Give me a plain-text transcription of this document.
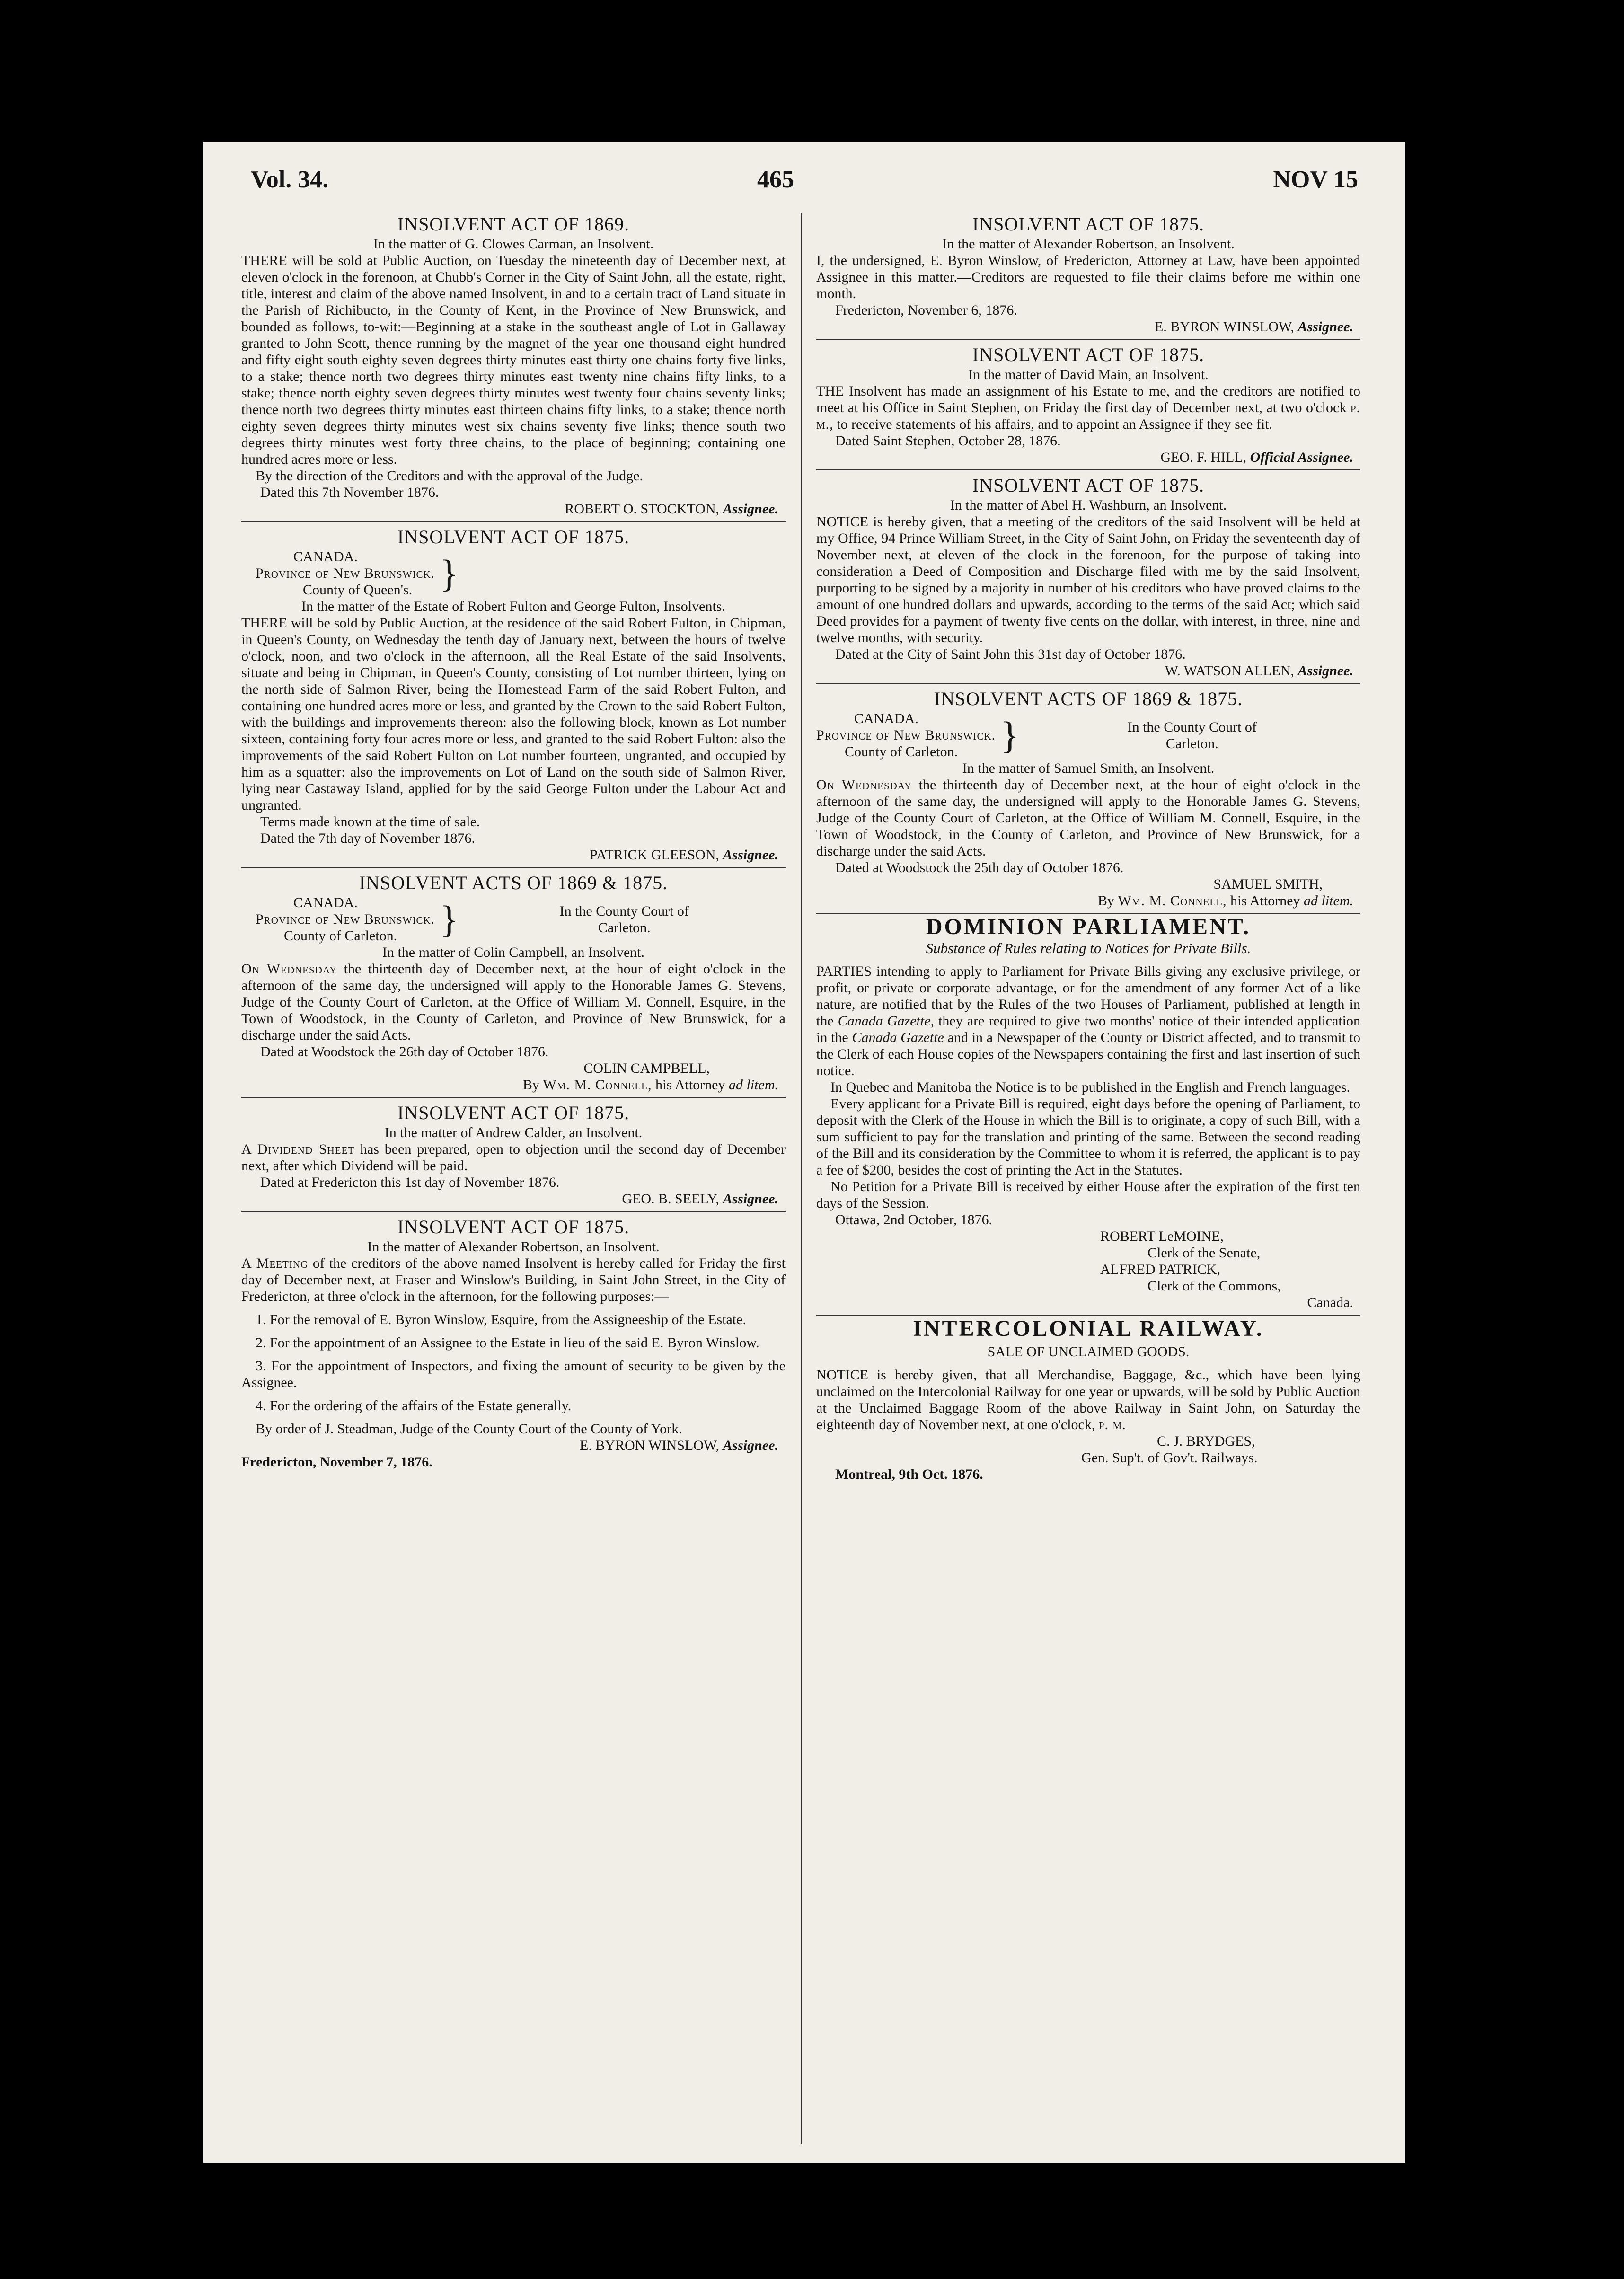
Vol. 34.	465	NOV 15
INSOLVENT ACT OF 1869.
In the matter of G. Clowes Carman, an Insolvent.
THERE will be sold at Public Auction, on Tuesday the nineteenth day of December next, at eleven o'clock in the forenoon, at Chubb's Corner in the City of Saint John, all the estate, right, title, interest and claim of the above named Insolvent, in and to a certain tract of Land situate in the Parish of Richibucto, in the County of Kent, in the Province of New Brunswick, and bounded as follows, to-wit:—Beginning at a stake in the southeast angle of Lot in Gallaway granted to John Scott, thence running by the magnet of the year one thousand eight hundred and fifty eight south eighty seven degrees thirty minutes east thirty one chains forty five links, to a stake; thence north two degrees thirty minutes east twenty nine chains fifty links, to a stake; thence north eighty seven degrees thirty minutes west twenty four chains seventy links; thence north two degrees thirty minutes east thirteen chains fifty links, to a stake; thence north eighty seven degrees thirty minutes west six chains seventy five links; thence south two degrees thirty minutes west forty three chains, to the place of beginning; containing one hundred acres more or less.
By the direction of the Creditors and with the approval of the Judge.
Dated this 7th November 1876.
ROBERT O. STOCKTON, Assignee.
INSOLVENT ACT OF 1875.
CANADA.
Province of New Brunswick.
County of Queen's. }
In the matter of the Estate of Robert Fulton and George Fulton, Insolvents.
THERE will be sold by Public Auction, at the residence of the said Robert Fulton, in Chipman, in Queen's County, on Wednesday the tenth day of January next, between the hours of twelve o'clock, noon, and two o'clock in the afternoon, all the Real Estate of the said Insolvents, situate and being in Chipman, in Queen's County, consisting of Lot number thirteen, lying on the north side of Salmon River, being the Homestead Farm of the said Robert Fulton, and containing one hundred acres more or less, and granted by the Crown to the said Robert Fulton, with the buildings and improvements thereon: also the following block, known as Lot number sixteen, containing forty four acres more or less, and granted to the said Robert Fulton: also the improvements of the said Robert Fulton on Lot number fourteen, ungranted, and occupied by him as a squatter: also the improvements on Lot of Land on the south side of Salmon River, lying near Castaway Island, applied for by the said George Fulton under the Labour Act and ungranted.
Terms made known at the time of sale.
Dated the 7th day of November 1876.
PATRICK GLEESON, Assignee.
INSOLVENT ACTS OF 1869 & 1875.
CANADA.
Province of New Brunswick.
County of Carleton.	}	In the County Court of
Carleton.
In the matter of Colin Campbell, an Insolvent.
On Wednesday the thirteenth day of December next, at the hour of eight o'clock in the afternoon of the same day, the undersigned will apply to the Honorable James G. Stevens, Judge of the County Court of Carleton, at the Office of William M. Connell, Esquire, in the Town of Woodstock, in the County of Carleton, and Province of New Brunswick, for a discharge under the said Acts.
Dated at Woodstock the 26th day of October 1876.
COLIN CAMPBELL,
By Wm. M. Connell, his Attorney ad litem.
INSOLVENT ACT OF 1875.
In the matter of Andrew Calder, an Insolvent.
A Dividend Sheet has been prepared, open to objection until the second day of December next, after which Dividend will be paid.
Dated at Fredericton this 1st day of November 1876.
GEO. B. SEELY, Assignee.
INSOLVENT ACT OF 1875.
In the matter of Alexander Robertson, an Insolvent.
A Meeting of the creditors of the above named Insolvent is hereby called for Friday the first day of December next, at Fraser and Winslow's Building, in Saint John Street, in the City of Fredericton, at three o'clock in the afternoon, for the following purposes:—
1. For the removal of E. Byron Winslow, Esquire, from the Assigneeship of the Estate.
2. For the appointment of an Assignee to the Estate in lieu of the said E. Byron Winslow.
3. For the appointment of Inspectors, and fixing the amount of security to be given by the Assignee.
4. For the ordering of the affairs of the Estate generally.
By order of J. Steadman, Judge of the County Court of the County of York.
E. BYRON WINSLOW, Assignee.
Fredericton, November 7, 1876.
INSOLVENT ACT OF 1875.
In the matter of Alexander Robertson, an Insolvent.
I, the undersigned, E. Byron Winslow, of Fredericton, Attorney at Law, have been appointed Assignee in this matter.—Creditors are requested to file their claims before me within one month.
Fredericton, November 6, 1876.
E. BYRON WINSLOW, Assignee.
INSOLVENT ACT OF 1875.
In the matter of David Main, an Insolvent.
THE Insolvent has made an assignment of his Estate to me, and the creditors are notified to meet at his Office in Saint Stephen, on Friday the first day of December next, at two o'clock p. m., to receive statements of his affairs, and to appoint an Assignee if they see fit.
Dated Saint Stephen, October 28, 1876.
GEO. F. HILL, Official Assignee.
INSOLVENT ACT OF 1875.
In the matter of Abel H. Washburn, an Insolvent.
NOTICE is hereby given, that a meeting of the creditors of the said Insolvent will be held at my Office, 94 Prince William Street, in the City of Saint John, on Friday the seventeenth day of November next, at eleven of the clock in the forenoon, for the purpose of taking into consideration a Deed of Composition and Discharge filed with me by the said Insolvent, purporting to be signed by a majority in number of his creditors who have proved claims to the amount of one hundred dollars and upwards, according to the terms of the said Act; which said Deed provides for a payment of twenty five cents on the dollar, with interest, in three, nine and twelve months, with security.
Dated at the City of Saint John this 31st day of October 1876.
W. WATSON ALLEN, Assignee.
INSOLVENT ACTS OF 1869 & 1875.
CANADA.
Province of New Brunswick.
County of Carleton.	}	In the County Court of
Carleton.
In the matter of Samuel Smith, an Insolvent.
On Wednesday the thirteenth day of December next, at the hour of eight o'clock in the afternoon of the same day, the undersigned will apply to the Honorable James G. Stevens, Judge of the County Court of Carleton, at the Office of William M. Connell, Esquire, in the Town of Woodstock, in the County of Carleton, and Province of New Brunswick, for a discharge under the said Acts.
Dated at Woodstock the 25th day of October 1876.
SAMUEL SMITH,
By Wm. M. Connell, his Attorney ad litem.
DOMINION PARLIAMENT.
Substance of Rules relating to Notices for Private Bills.
PARTIES intending to apply to Parliament for Private Bills giving any exclusive privilege, or profit, or private or corporate advantage, or for the amendment of any former Act of a like nature, are notified that by the Rules of the two Houses of Parliament, published at length in the Canada Gazette, they are required to give two months' notice of their intended application in the Canada Gazette and in a Newspaper of the County or District affected, and to transmit to the Clerk of each House copies of the Newspapers containing the first and last insertion of such notice.
In Quebec and Manitoba the Notice is to be published in the English and French languages.
Every applicant for a Private Bill is required, eight days before the opening of Parliament, to deposit with the Clerk of the House in which the Bill is to originate, a copy of such Bill, with a sum sufficient to pay for the translation and printing of the same. Between the second reading of the Bill and its consideration by the Committee to whom it is referred, the applicant is to pay a fee of $200, besides the cost of printing the Act in the Statutes.
No Petition for a Private Bill is received by either House after the expiration of the first ten days of the Session.
Ottawa, 2nd October, 1876.
ROBERT LeMOINE,
Clerk of the Senate,
ALFRED PATRICK,
Clerk of the Commons,
Canada.
INTERCOLONIAL RAILWAY.
SALE OF UNCLAIMED GOODS.
NOTICE is hereby given, that all Merchandise, Baggage, &c., which have been lying unclaimed on the Intercolonial Railway for one year or upwards, will be sold by Public Auction at the Unclaimed Baggage Room of the above Railway in Saint John, on Saturday the eighteenth day of November next, at one o'clock, p. m.
C. J. BRYDGES,
Gen. Sup't. of Gov't. Railways.
Montreal, 9th Oct. 1876.
